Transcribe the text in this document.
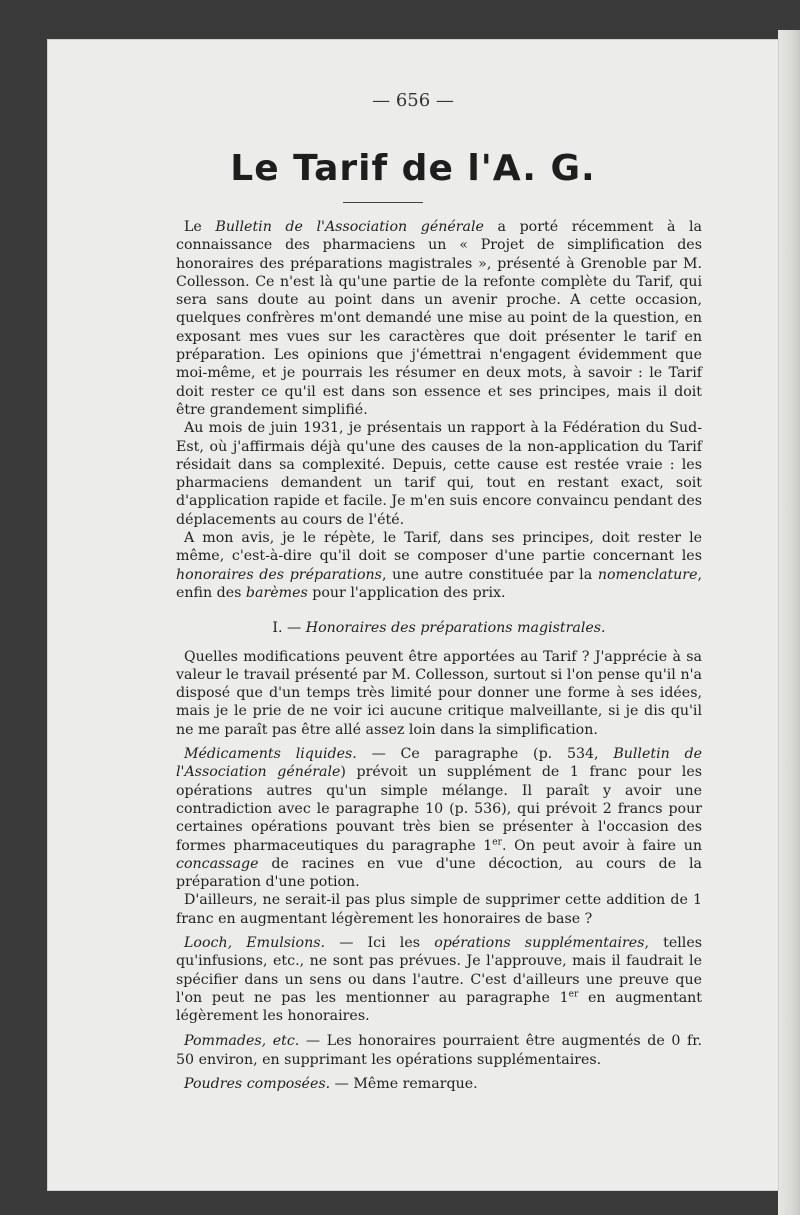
— 656 —
Le Tarif de l'A. G.

Le Bulletin de l'Association générale a porté récemment à la connaissance des pharmaciens un « Projet de simplification des honoraires des préparations magistrales », présenté à Grenoble par M. Collesson. Ce n'est là qu'une partie de la refonte complète du Tarif, qui sera sans doute au point dans un avenir proche. A cette occasion, quelques confrères m'ont demandé une mise au point de la question, en exposant mes vues sur les caractères que doit présenter le tarif en préparation. Les opinions que j'émettrai n'engagent évidemment que moi-même, et je pourrais les résumer en deux mots, à savoir : le Tarif doit rester ce qu'il est dans son essence et ses principes, mais il doit être grandement simplifié.

Au mois de juin 1931, je présentais un rapport à la Fédération du Sud-Est, où j'affirmais déjà qu'une des causes de la non-application du Tarif résidait dans sa complexité. Depuis, cette cause est restée vraie : les pharmaciens demandent un tarif qui, tout en restant exact, soit d'application rapide et facile. Je m'en suis encore convaincu pendant des déplacements au cours de l'été.

A mon avis, je le répète, le Tarif, dans ses principes, doit rester le même, c'est-à-dire qu'il doit se composer d'une partie concernant les honoraires des préparations, une autre constituée par la nomenclature, enfin des barèmes pour l'application des prix.

I. — Honoraires des préparations magistrales.

Quelles modifications peuvent être apportées au Tarif ? J'apprécie à sa valeur le travail présenté par M. Collesson, surtout si l'on pense qu'il n'a disposé que d'un temps très limité pour donner une forme à ses idées, mais je le prie de ne voir ici aucune critique malveillante, si je dis qu'il ne me paraît pas être allé assez loin dans la simplification.

Médicaments liquides. — Ce paragraphe (p. 534, Bulletin de l'Association générale) prévoit un supplément de 1 franc pour les opérations autres qu'un simple mélange. Il paraît y avoir une contradiction avec le paragraphe 10 (p. 536), qui prévoit 2 francs pour certaines opérations pouvant très bien se présenter à l'occasion des formes pharmaceutiques du paragraphe 1er. On peut avoir à faire un concassage de racines en vue d'une décoction, au cours de la préparation d'une potion.

D'ailleurs, ne serait-il pas plus simple de supprimer cette addition de 1 franc en augmentant légèrement les honoraires de base ?

Looch, Emulsions. — Ici les opérations supplémentaires, telles qu'infusions, etc., ne sont pas prévues. Je l'approuve, mais il faudrait le spécifier dans un sens ou dans l'autre. C'est d'ailleurs une preuve que l'on peut ne pas les mentionner au paragraphe 1er en augmentant légèrement les honoraires.

Pommades, etc. — Les honoraires pourraient être augmentés de 0 fr. 50 environ, en supprimant les opérations supplémentaires.

Poudres composées. — Même remarque.
